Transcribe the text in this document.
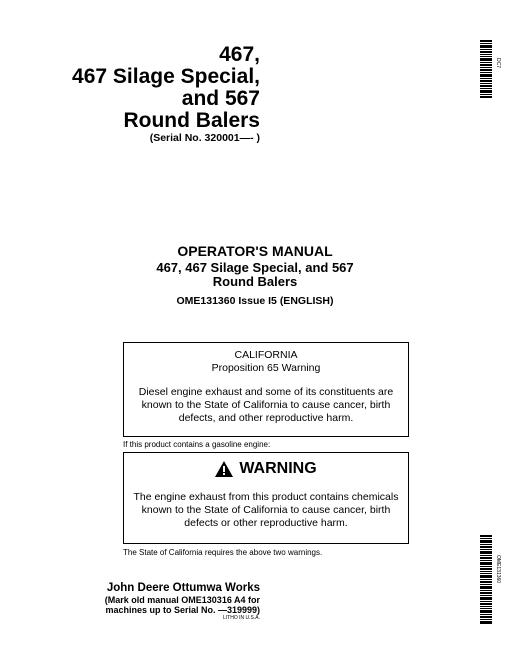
467,
467 Silage Special,
and 567
Round Balers
(Serial No. 320001—- )
DC7
OPERATOR'S MANUAL
467, 467 Silage Special, and 567
Round Balers
OME131360 Issue I5 (ENGLISH)

CALIFORNIA

Proposition 65 Warning

Diesel engine exhaust and some of its constituents are

known to the State of California to cause cancer, birth

defects, and other reproductive harm.

If this product contains a gasoline engine:
WARNING
The engine exhaust from this product contains chemicals
known to the State of California to cause cancer, birth
defects or other reproductive harm.
The State of California requires the above two warnings.
John Deere Ottumwa Works
(Mark old manual OME130316 A4 for
machines up to Serial No. —319999)
LITHO IN U.S.A.
OME131360
